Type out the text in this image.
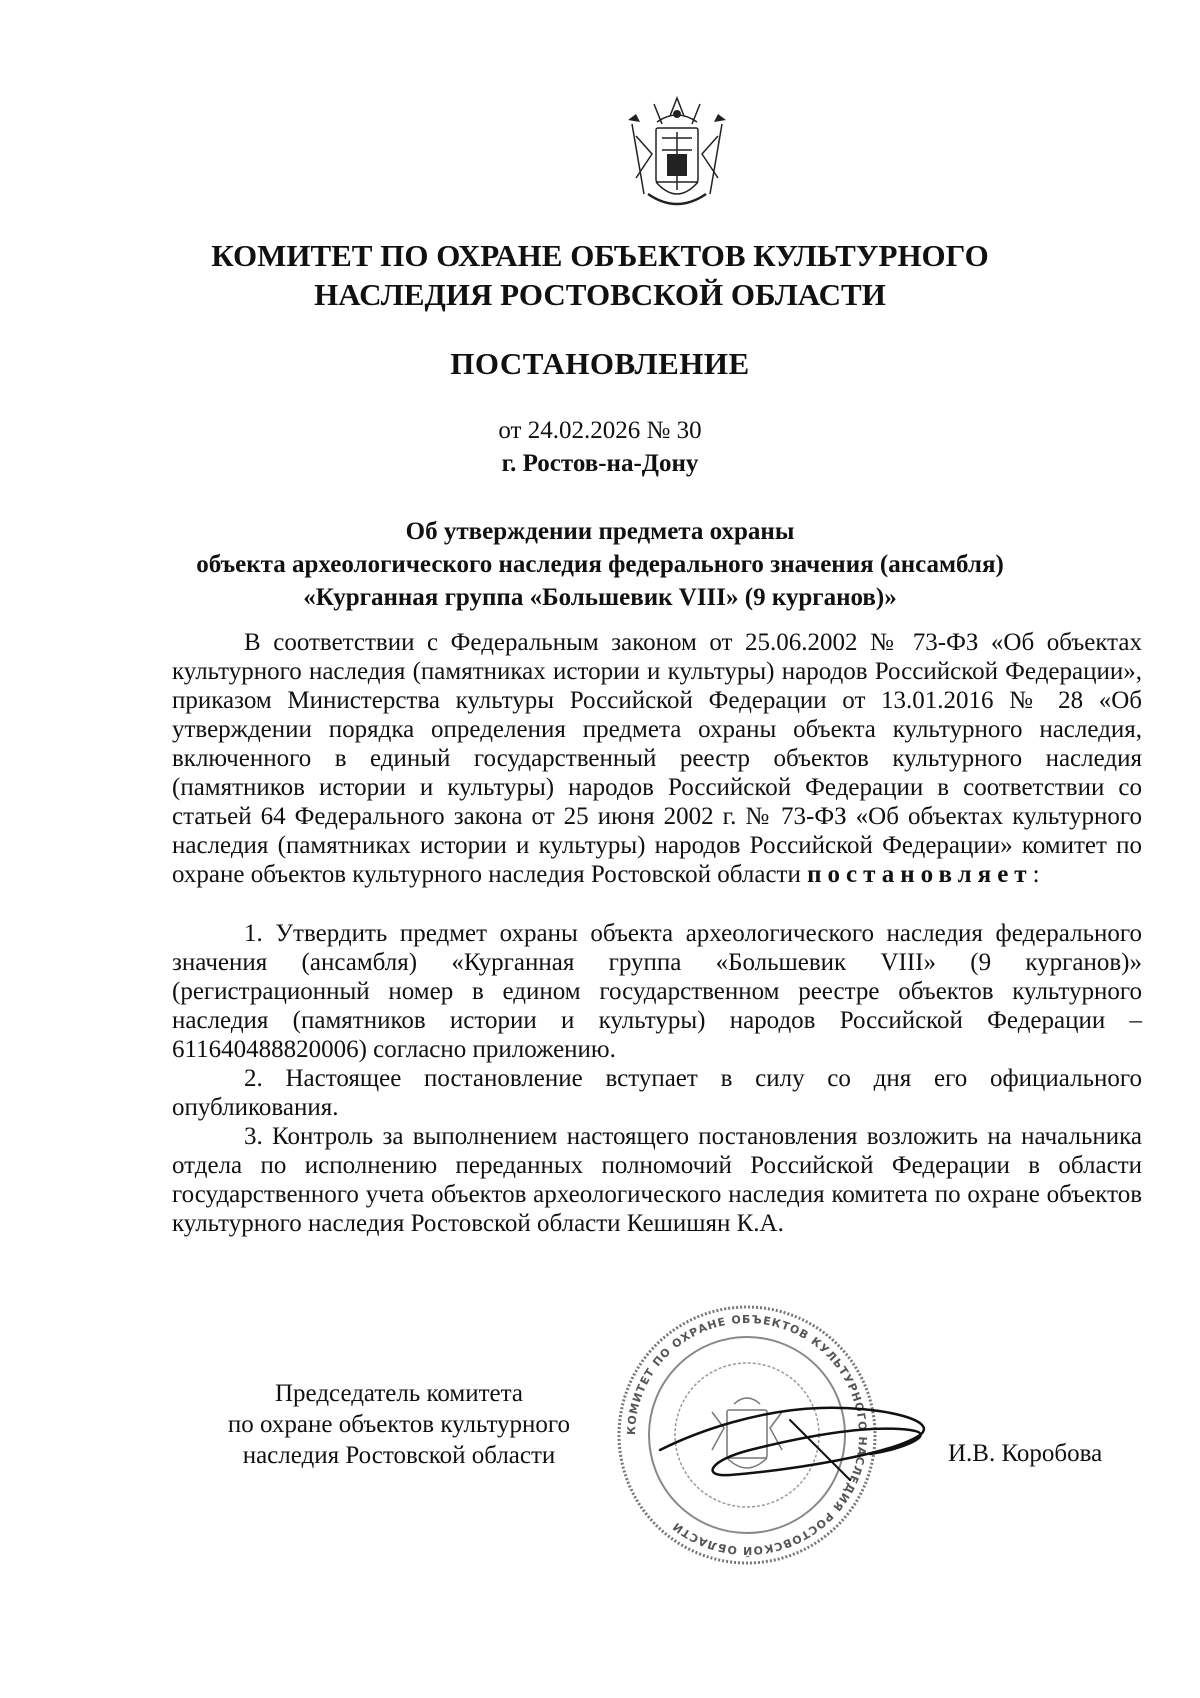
КОМИТЕТ ПО ОХРАНЕ ОБЪЕКТОВ КУЛЬТУРНОГО
НАСЛЕДИЯ РОСТОВСКОЙ ОБЛАСТИ
ПОСТАНОВЛЕНИЕ
от 24.02.2026 № 30
г. Ростов-на-Дону
Об утверждении предмета охраны
объекта археологического наследия федерального значения (ансамбля)
«Курганная группа «Большевик VIII» (9 курганов)»

В соответствии с Федеральным законом от 25.06.2002 № 73-ФЗ «Об объектах культурного наследия (памятниках истории и культуры) народов Российской Федерации», приказом Министерства культуры Российской Федерации от 13.01.2016 № 28 «Об утверждении порядка определения предмета охраны объекта культурного наследия, включенного в единый государственный реестр объектов культурного наследия (памятников истории и культуры) народов Российской Федерации в соответствии со статьей 64 Федерального закона от 25 июня 2002 г. № 73-ФЗ «Об объектах культурного наследия (памятниках истории и культуры) народов Российской Федерации» комитет по охране объектов культурного наследия Ростовской области постановляет:

1. Утвердить предмет охраны объекта археологического наследия федерального значения (ансамбля) «Курганная группа «Большевик VIII» (9 курганов)» (регистрационный номер в едином государственном реестре объектов культурного наследия (памятников истории и культуры) народов Российской Федерации – 611640488820006) согласно приложению.

2. Настоящее постановление вступает в силу со дня его официального опубликования.

3. Контроль за выполнением настоящего постановления возложить на начальника отдела по исполнению переданных полномочий Российской Федерации в области государственного учета объектов археологического наследия комитета по охране объектов культурного наследия Ростовской области Кешишян К.А.

КОМИТЕТ ПО ОХРАНЕ ОБЪЕКТОВ КУЛЬТУРНОГО НАСЛЕДИЯ РОСТОВСКОЙ ОБЛАСТИ
Председатель комитета
по охране объектов культурного
наследия Ростовской области	И.В. Коробова
